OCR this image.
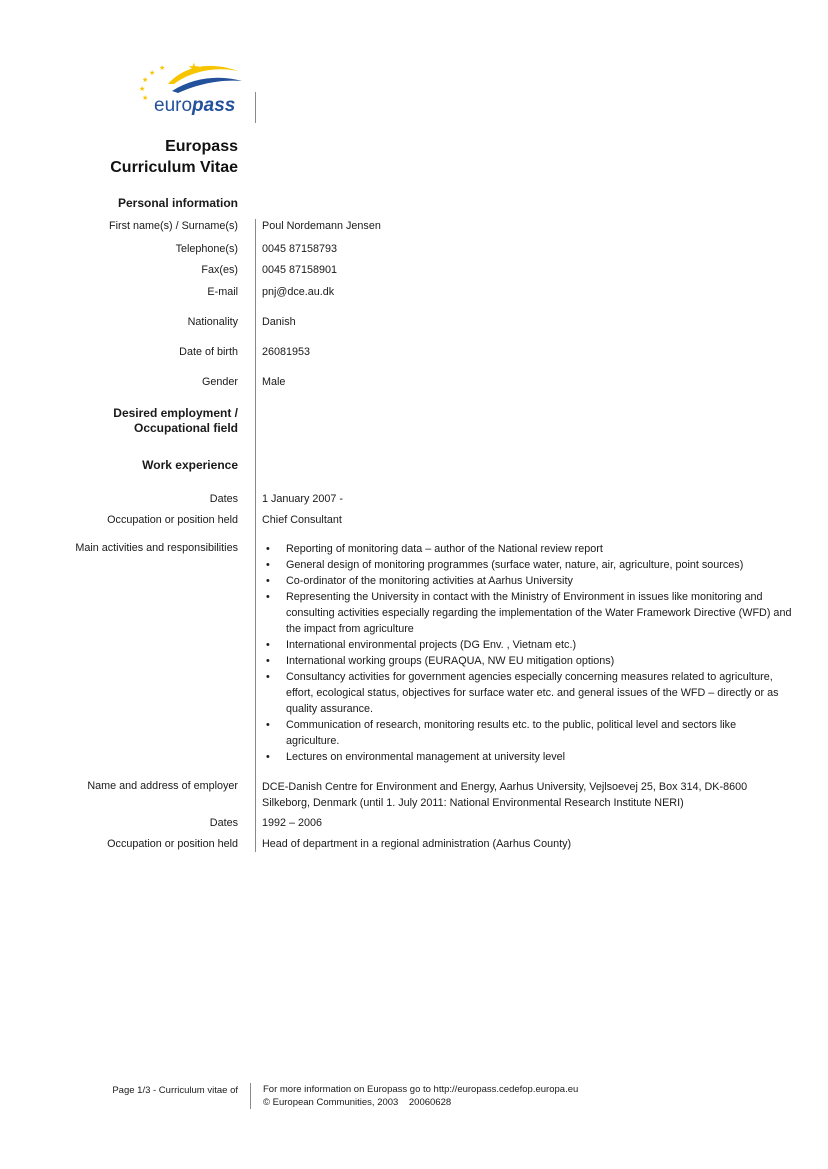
★
★
★
★
★ ★
europass
Europass
Curriculum Vitae
Personal information
First name(s) / Surname(s)	Poul Nordemann Jensen
Telephone(s)	0045 87158793
Fax(es)	0045 87158901
E-mail	pnj@dce.au.dk
Nationality	Danish
Date of birth	26081953
Gender	Male
Desired employment /
Occupational field
Work experience
Dates	1 January 2007 -
Occupation or position held	Chief Consultant
Main activities and responsibilities	• Reporting of monitoring data – author of the National review report
• General design of monitoring programmes (surface water, nature, air, agriculture, point sources)
• Co-ordinator of the monitoring activities at Aarhus University
• Representing the University in contact with the Ministry of Environment in issues like monitoring and consulting activities especially regarding the implementation of the Water Framework Directive (WFD) and the impact from agriculture
• International environmental projects (DG Env. , Vietnam etc.)
• International working groups (EURAQUA, NW EU mitigation options)
• Consultancy activities for government agencies especially concerning measures related to agriculture, effort, ecological status, objectives for surface water etc. and general issues of the WFD – directly or as quality assurance.
• Communication of research, monitoring results etc. to the public, political level and sectors like agriculture.
• Lectures on environmental management at university level
Name and address of employer	DCE-Danish Centre for Environment and Energy, Aarhus University, Vejlsoevej 25, Box 314, DK-8600 Silkeborg, Denmark (until 1. July 2011: National Environmental Research Institute NERI)
Dates	1992 – 2006
Occupation or position held	Head of department in a regional administration (Aarhus County)
Page 1/3 - Curriculum vitae of	For more information on Europass go to http://europass.cedefop.europa.eu
© European Communities, 2003    20060628
